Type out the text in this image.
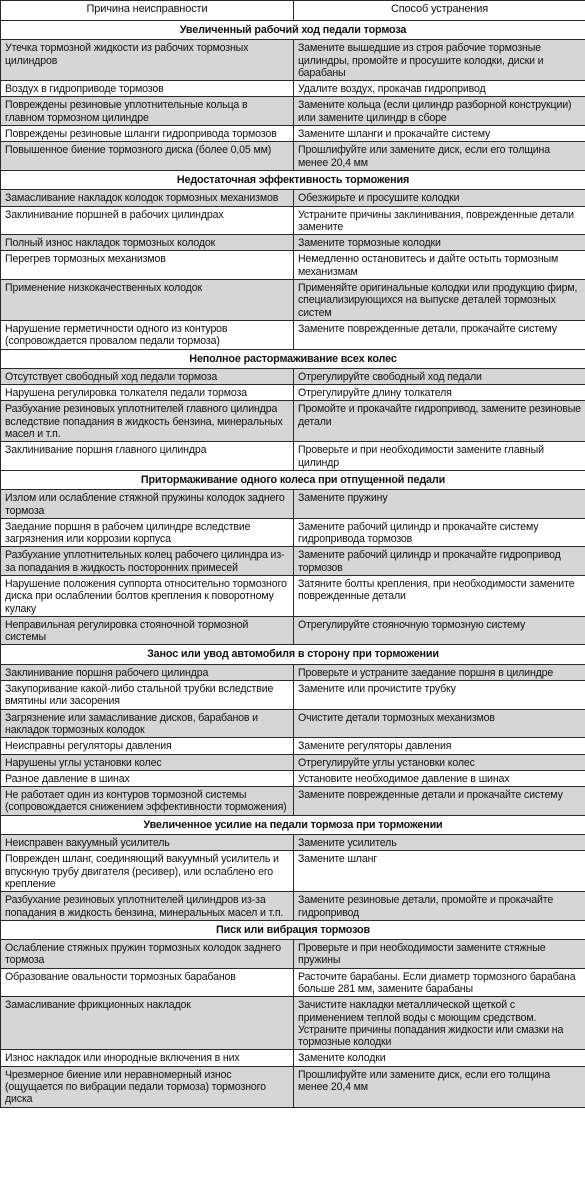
Причина неисправности	Способ устранения
Увеличенный рабочий ход педали тормоза	
Утечка тормозной жидкости из рабочих тормозных цилиндров	Замените вышедшие из строя рабочие тормозные цилиндры, промойте и просушите колодки, диски и барабаны
Воздух в гидроприводе тормозов	Удалите воздух, прокачав гидропривод
Повреждены резиновые уплотнительные кольца в главном тормозном цилиндре	Замените кольца (если цилиндр разборной конструкции) или замените цилиндр в сборе
Повреждены резиновые шланги гидропривода тормозов	Замените шланги и прокачайте систему
Повышенное биение тормозного диска (более 0,05 мм)	Прошлифуйте или замените диск, если его толщина менее 20,4 мм
Недостаточная эффективность торможения	
Замасливание накладок колодок тормозных механизмов	Обезжирьте и просушите колодки
Заклинивание поршней в рабочих цилиндрах	Устраните причины заклинивания, поврежденные детали замените
Полный износ накладок тормозных колодок	Замените тормозные колодки
Перегрев тормозных механизмов	Немедленно остановитесь и дайте остыть тормозным механизмам
Применение низкокачественных колодок	Применяйте оригинальные колодки или продукцию фирм, специализирующихся на выпуске деталей тормозных систем
Нарушение герметичности одного из контуров (сопровождается провалом педали тормоза)	Замените поврежденные детали, прокачайте систему
Неполное растормаживание всех колес	
Отсутствует свободный ход педали тормоза	Отрегулируйте свободный ход педали
Нарушена регулировка толкателя педали тормоза	Отрегулируйте длину толкателя
Разбухание резиновых уплотнителей главного цилиндра вследствие попадания в жидкость бензина, минеральных масел и т.п.	Промойте и прокачайте гидропривод, замените резиновые детали
Заклинивание поршня главного цилиндра	Проверьте и при необходимости замените главный цилиндр
Притормаживание одного колеса при отпущенной педали	
Излом или ослабление стяжной пружины колодок заднего тормоза	Замените пружину
Заедание поршня в рабочем цилиндре вследствие загрязнения или коррозии корпуса	Замените рабочий цилиндр и прокачайте систему гидропривода тормозов
Разбухание уплотнительных колец рабочего цилиндра из-за попадания в жидкость посторонних примесей	Замените рабочий цилиндр и прокачайте гидропривод тормозов
Нарушение положения суппорта относительно тормозного диска при ослаблении болтов крепления к поворотному кулаку	Затяните болты крепления, при необходимости замените поврежденные детали
Неправильная регулировка стояночной тормозной системы	Отрегулируйте стояночную тормозную систему
Занос или увод автомобиля в сторону при торможении	
Заклинивание поршня рабочего цилиндра	Проверьте и устраните заедание поршня в цилиндре
Закупоривание какой-либо стальной трубки вследствие вмятины или засорения	Замените или прочистите трубку
Загрязнение или замасливание дисков, барабанов и накладок тормозных колодок	Очистите детали тормозных механизмов
Неисправны регуляторы давления	Замените регуляторы давления
Нарушены углы установки колес	Отрегулируйте углы установки колес
Разное давление в шинах	Установите необходимое давление в шинах
Не работает один из контуров тормозной системы (сопровождается снижением эффективности торможения)	Замените поврежденные детали и прокачайте систему
Увеличенное усилие на педали тормоза при торможении	
Неисправен вакуумный усилитель	Замените усилитель
Поврежден шланг, соединяющий вакуумный усилитель и впускную трубу двигателя (ресивер), или ослаблено его крепление	Замените шланг
Разбухание резиновых уплотнителей цилиндров из-за попадания в жидкость бензина, минеральных масел и т.п.	Замените резиновые детали, промойте и прокачайте гидропривод
Писк или вибрация тормозов	
Ослабление стяжных пружин тормозных колодок заднего тормоза	Проверьте и при необходимости замените стяжные пружины
Образование овальности тормозных барабанов	Расточите барабаны. Если диаметр тормозного барабана больше 281 мм, замените барабаны
Замасливание фрикционных накладок	Зачистите накладки металлической щеткой с применением теплой воды с моющим средством. Устраните причины попадания жидкости или смазки на тормозные колодки
Износ накладок или инородные включения в них	Замените колодки
Чрезмерное биение или неравномерный износ (ощущается по вибрации педали тормоза) тормозного диска	Прошлифуйте или замените диск, если его толщина менее 20,4 мм
